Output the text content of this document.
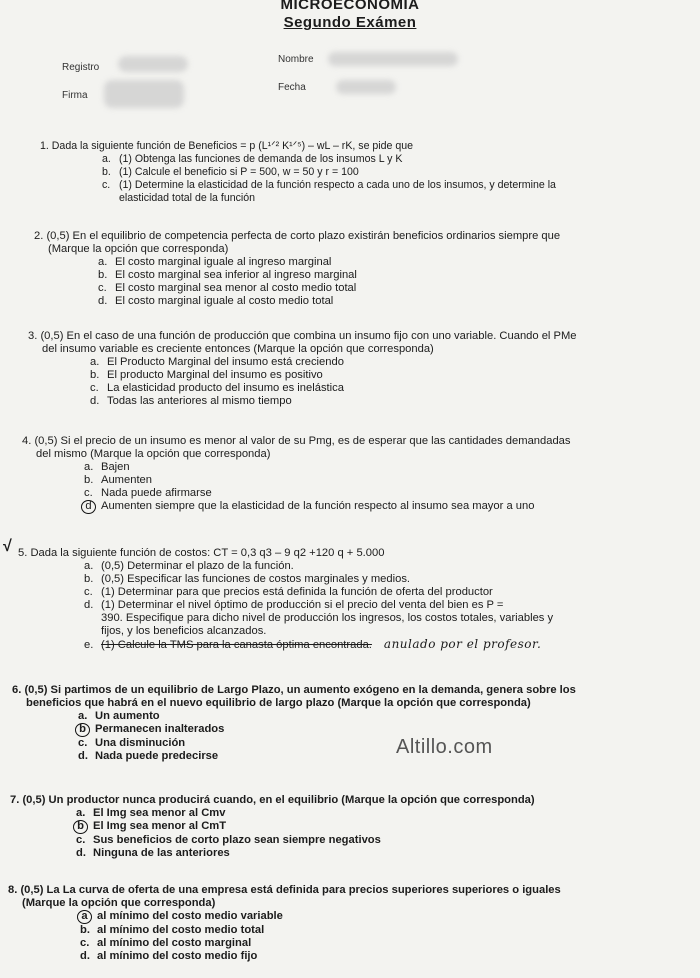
MICROECONOMIA
Segundo Exámen
Registro
Firma
Nombre
Fecha
1. Dada la siguiente función de Beneficios = p (L¹ᐟ² K¹ᐟ⁵) – wL – rK, se pide que
a. (1) Obtenga las funciones de demanda de los insumos L y K
b. (1) Calcule el beneficio si P = 500, w = 50 y r = 100
c. (1) Determine la elasticidad de la función respecto a cada uno de los insumos, y determine la
elasticidad total de la función
2. (0,5) En el equilibrio de competencia perfecta de corto plazo existirán beneficios ordinarios siempre que
(Marque la opción que corresponda)
a. El costo marginal iguale al ingreso marginal
b. El costo marginal sea inferior al ingreso marginal
c. El costo marginal sea menor al costo medio total
d. El costo marginal iguale al costo medio total
3. (0,5) En el caso de una función de producción que combina un insumo fijo con uno variable. Cuando el PMe
del insumo variable es creciente entonces (Marque la opción que corresponda)
a. El Producto Marginal del insumo está creciendo
b. El producto Marginal del insumo es positivo
c. La elasticidad producto del insumo es inelástica
d. Todas las anteriores al mismo tiempo
4. (0,5) Si el precio de un insumo es menor al valor de su Pmg, es de esperar que las cantidades demandadas
del mismo (Marque la opción que corresponda)
a. Bajen
b. Aumenten
c. Nada puede afirmarse
d Aumenten siempre que la elasticidad de la función respecto al insumo sea mayor a uno
5. Dada la siguiente función de costos: CT = 0,3 q3 – 9 q2 +120 q + 5.000
a. (0,5) Determinar el plazo de la función.
b. (0,5) Especificar las funciones de costos marginales y medios.
c. (1) Determinar para que precios está definida la función de oferta del productor
d. (1) Determinar el nivel óptimo de producción si el precio del venta del bien es P =
390. Especifique para dicho nivel de producción los ingresos, los costos totales, variables y
fijos, y los beneficios alcanzados.
e. (1) Calcule la TMS para la canasta óptima encontrada. anulado por el profesor.
6. (0,5) Si partimos de un equilibrio de Largo Plazo, un aumento exógeno en la demanda, genera sobre los
beneficios que habrá en el nuevo equilibrio de largo plazo (Marque la opción que corresponda)
a. Un aumento
b Permanecen inalterados
c. Una disminución
d. Nada puede predecirse
7. (0,5) Un productor nunca producirá cuando, en el equilibrio (Marque la opción que corresponda)
a. El Img sea menor al Cmv
b El Img sea menor al CmT
c. Sus beneficios de corto plazo sean siempre negativos
d. Ninguna de las anteriores
8. (0,5) La La curva de oferta de una empresa está definida para precios superiores superiores o iguales
(Marque la opción que corresponda)
a al mínimo del costo medio variable
b. al mínimo del costo medio total
c. al mínimo del costo marginal
d. al mínimo del costo medio fijo
√
Altillo.com
